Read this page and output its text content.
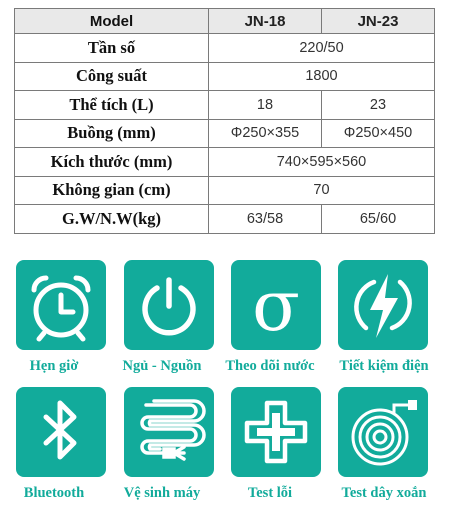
Model	JN-18	JN-23
Tần số	220/50	
Công suất	1800	
Thể tích (L)	18	23
Buồng (mm)	Φ250×355	Φ250×450
Kích thước (mm)	740×595×560	
Không gian (cm)	70	
G.W/N.W(kg)	63/58	65/60
Hẹn giờ	Ngủ - Nguồn
σ
Theo dõi nước	Tiết kiệm điện
Bluetooth	Vệ sinh máy	Test lỗi	Test dây xoắn
